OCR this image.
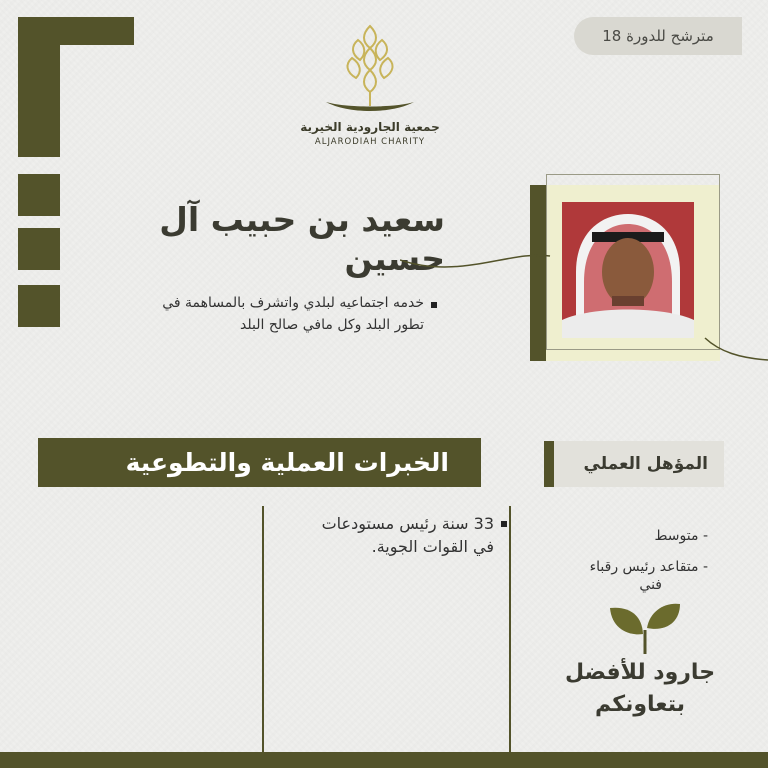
مترشح للدورة 18
جمعية الجارودية الخيرية
ALJARODIAH CHARITY
سعيد بن حبيب آل حسين
خدمه اجتماعيه لبلدي واتشرف بالمساهمة في
تطور البلد وكل مافي صالح البلد
الخبرات العملية والتطوعية
33 سنة رئيس مستودعات
في القوات الجوية.
المؤهل العملي
- متوسط
- متقاعد رئيس رقباء
فني
جارود للأفضل
بتعاونكم
